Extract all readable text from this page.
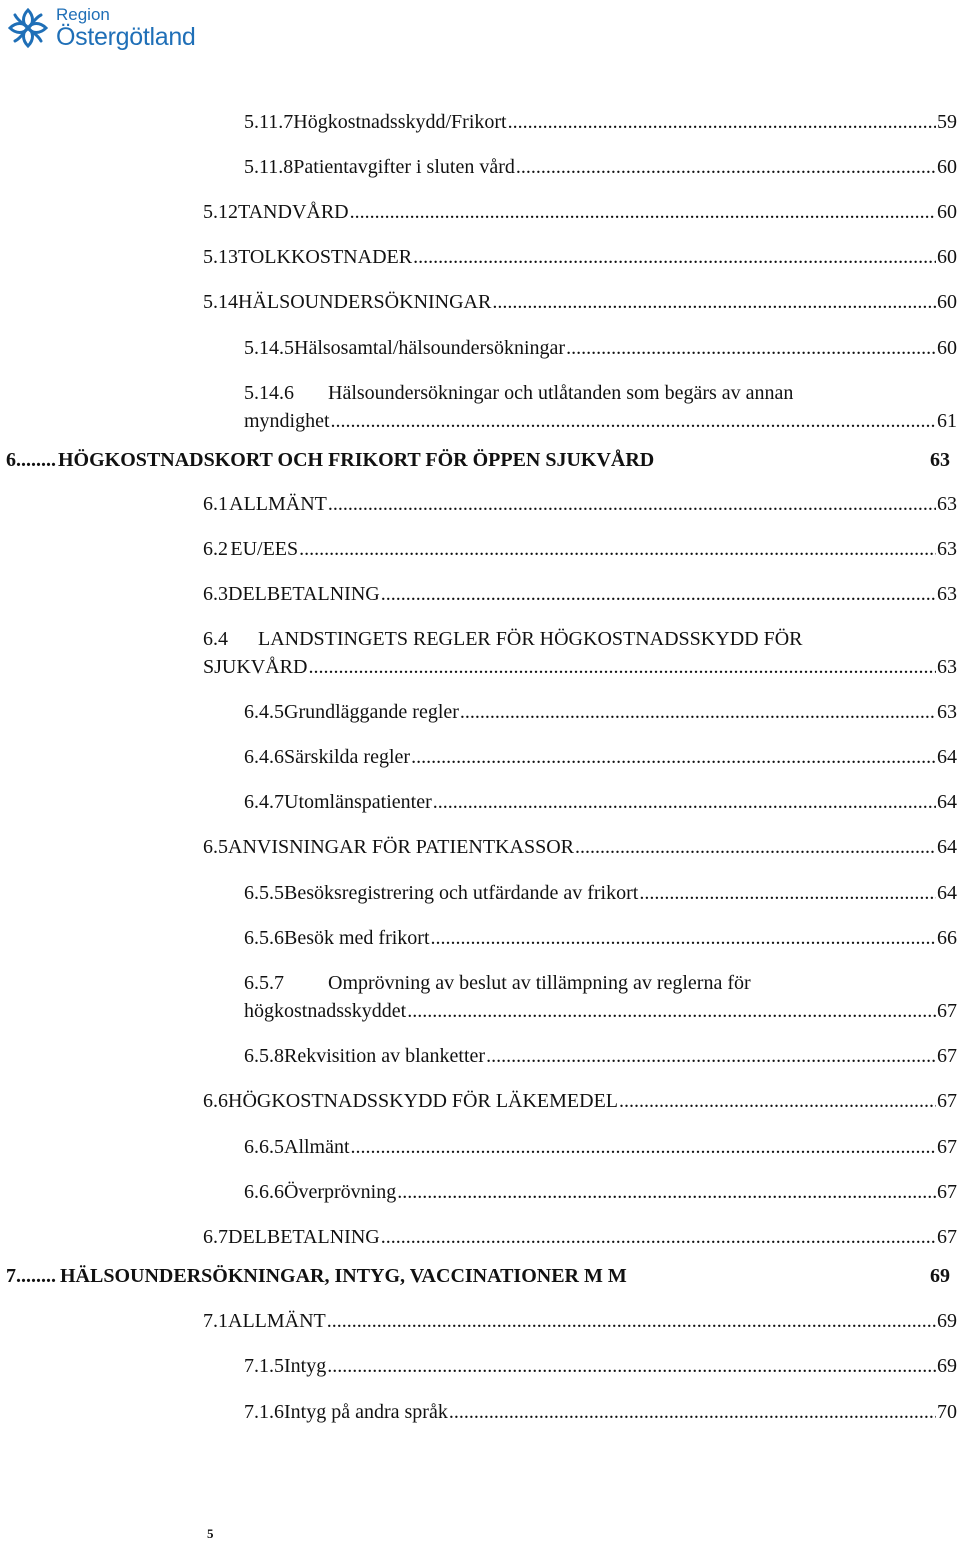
Region
Östergötland
5.11.7 Högkostnadsskydd/Frikort .....	59
5.11.8 Patientavgifter i sluten vård .....	60
5.12 TANDVÅRD .....	60
5.13 TOLKKOSTNADER .....	60
5.14 HÄLSOUNDERSÖKNINGAR .....	60
5.14.5 Hälsosamtal/hälsoundersökningar .....	60
5.14.6	Hälsoundersökningar och utlåtanden som begärs av annan
myndighet .....	61
6 ........ HÖGKOSTNADSKORT OCH FRIKORT FÖR ÖPPEN SJUKVÅRD	63
6.1 ALLMÄNT .....	63
6.2 EU/EES .....	63
6.3 DELBETALNING .....	63
6.4	LANDSTINGETS REGLER FÖR HÖGKOSTNADSSKYDD FÖR
SJUKVÅRD .....	63
6.4.5 Grundläggande regler .....	63
6.4.6 Särskilda regler .....	64
6.4.7 Utomlänspatienter .....	64
6.5 ANVISNINGAR FÖR PATIENTKASSOR .....	64
6.5.5 Besöksregistrering och utfärdande av frikort .....	64
6.5.6 Besök med frikort .....	66
6.5.7	Omprövning av beslut av tillämpning av reglerna för
högkostnadsskyddet .....	67
6.5.8 Rekvisition av blanketter .....	67
6.6 HÖGKOSTNADSSKYDD FÖR LÄKEMEDEL .....	67
6.6.5 Allmänt .....	67
6.6.6 Överprövning .....	67
6.7 DELBETALNING .....	67
7 ........ HÄLSOUNDERSÖKNINGAR, INTYG, VACCINATIONER M M	69
7.1 ALLMÄNT .....	69
7.1.5 Intyg .....	69
7.1.6 Intyg på andra språk .....	70
5
